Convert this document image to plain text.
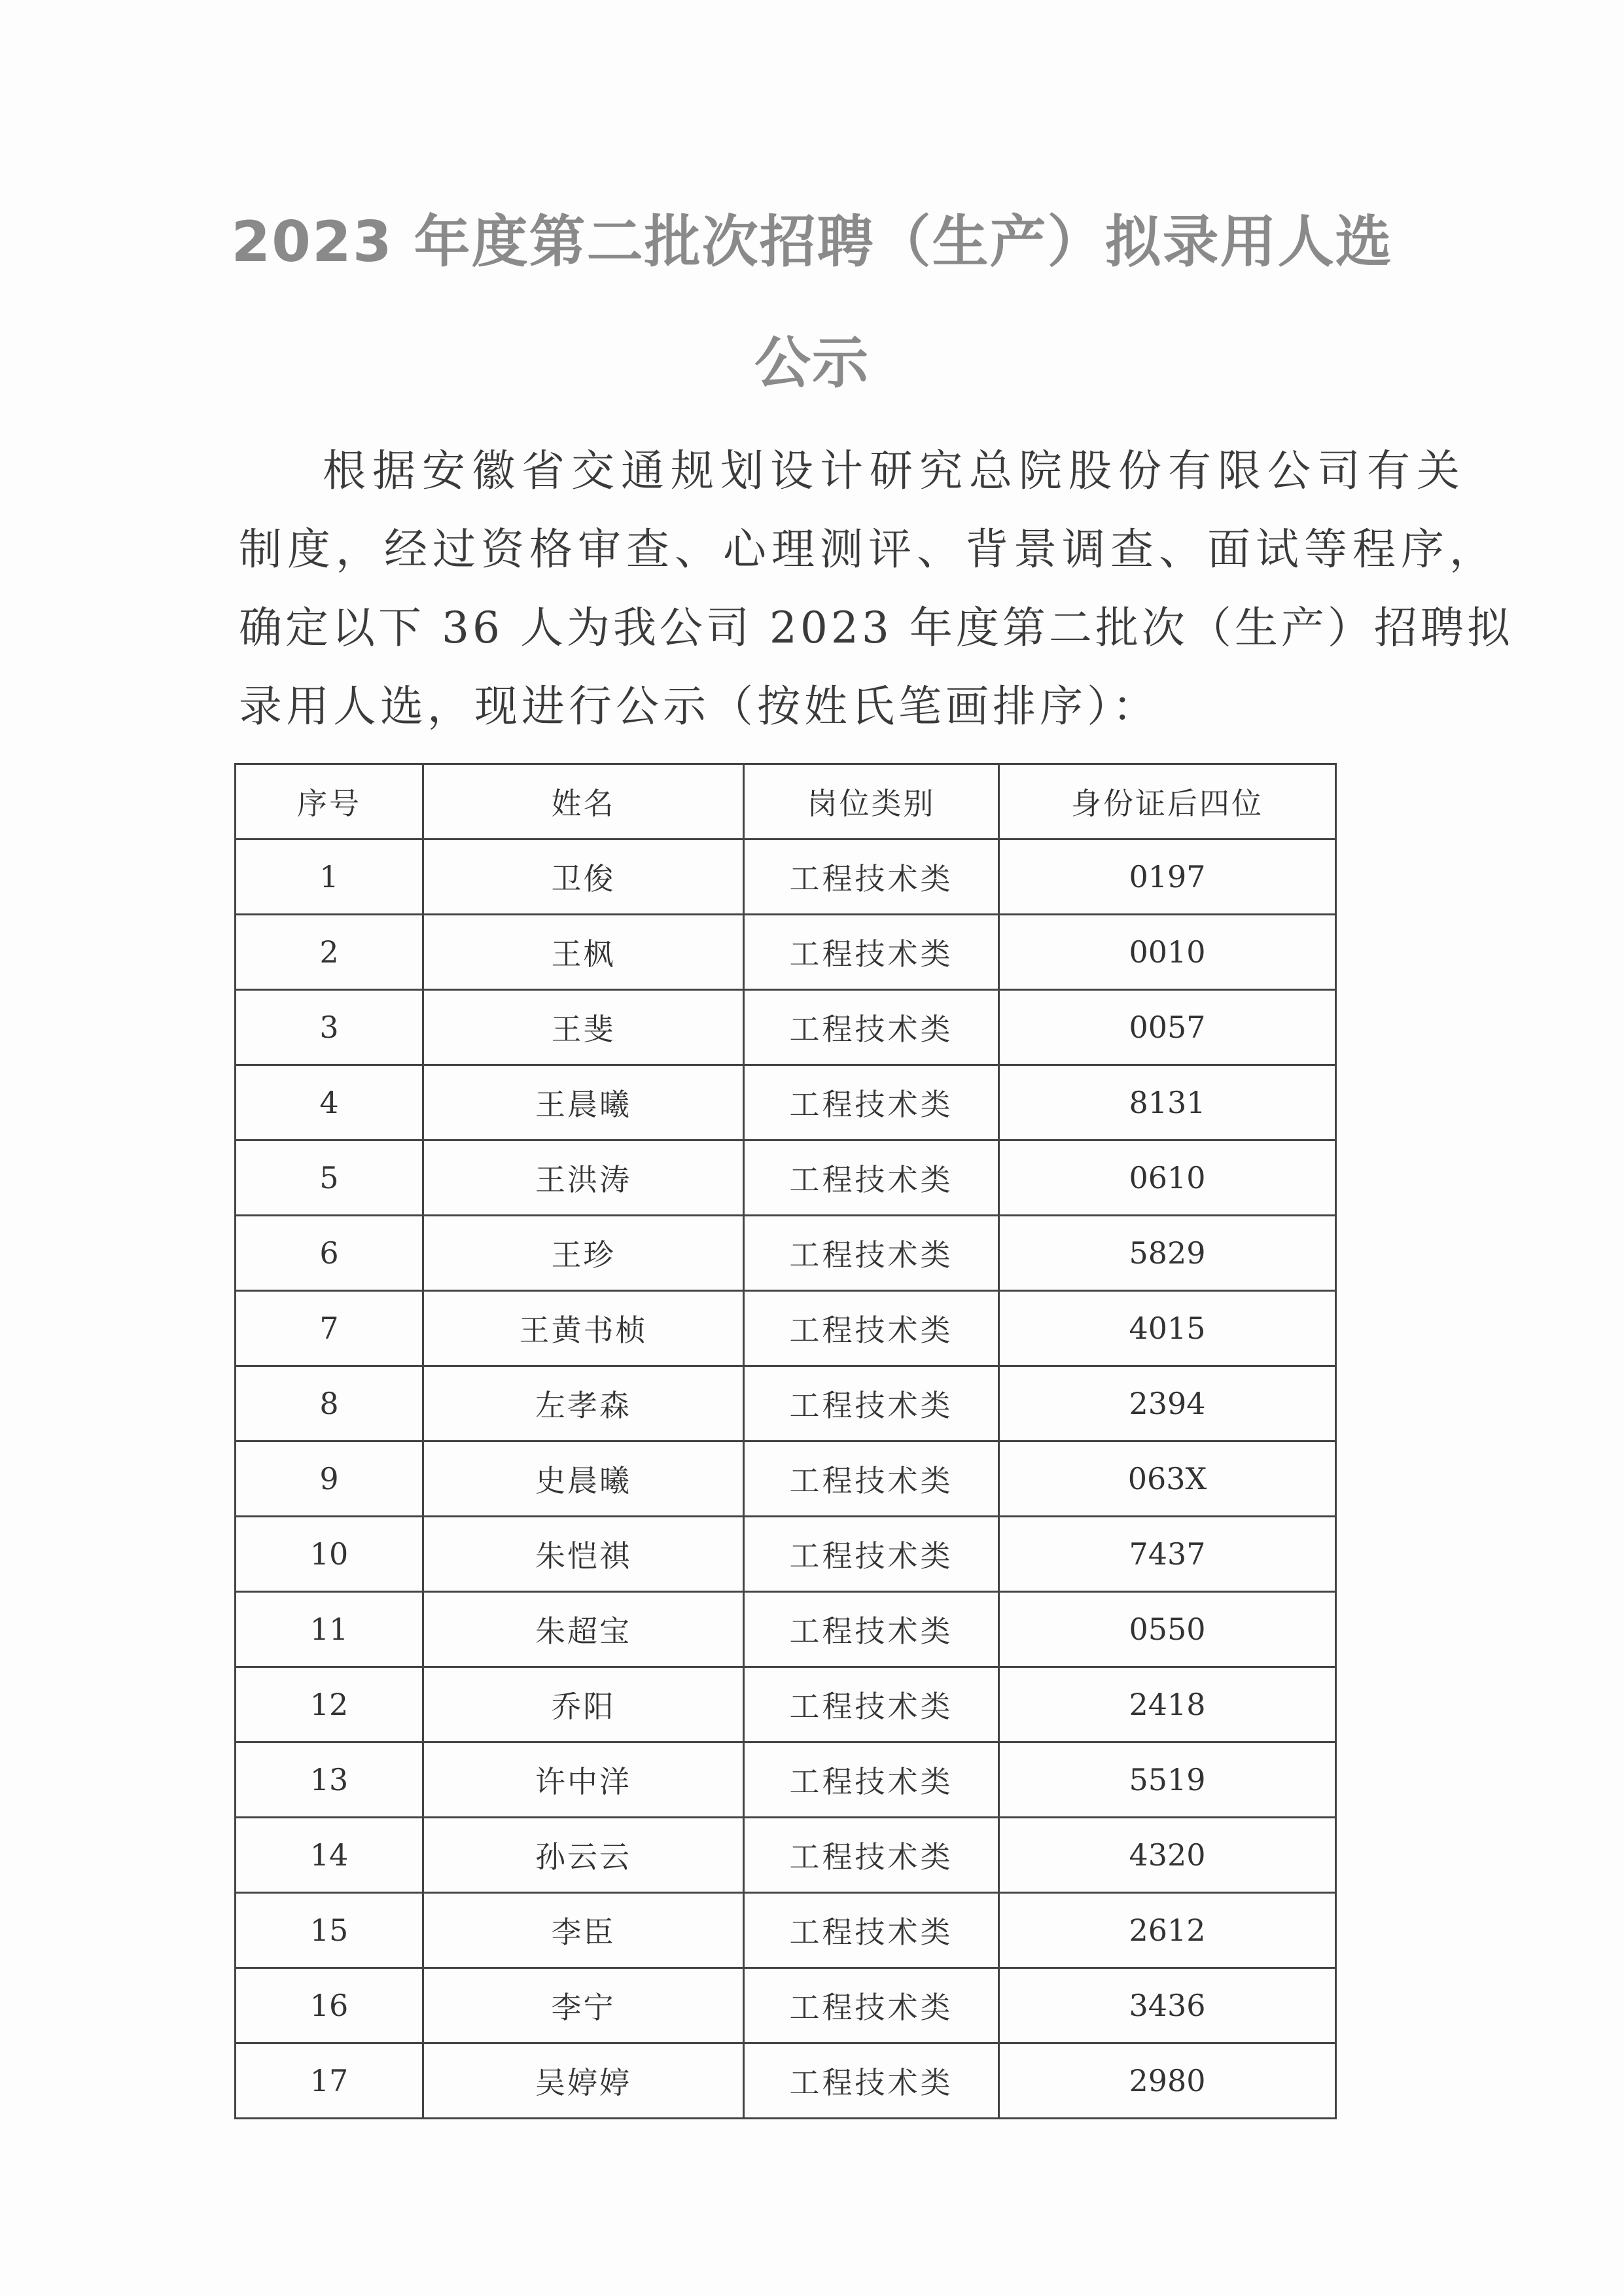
2023 年度第二批次招聘（生产）拟录用人选
公示

根据安徽省交通规划设计研究总院股份有限公司有关

制度，经过资格审查、心理测评、背景调查、面试等程序，

确定以下 36 人为我公司 2023 年度第二批次（生产）招聘拟

录用人选，现进行公示（按姓氏笔画排序）：

序号	姓名	岗位类别	身份证后四位
1	卫俊	工程技术类	0197
2	王枫	工程技术类	0010
3	王斐	工程技术类	0057
4	王晨曦	工程技术类	8131
5	王洪涛	工程技术类	0610
6	王珍	工程技术类	5829
7	王黄书桢	工程技术类	4015
8	左孝森	工程技术类	2394
9	史晨曦	工程技术类	063X
10	朱恺祺	工程技术类	7437
11	朱超宝	工程技术类	0550
12	乔阳	工程技术类	2418
13	许中洋	工程技术类	5519
14	孙云云	工程技术类	4320
15	李臣	工程技术类	2612
16	李宁	工程技术类	3436
17	吴婷婷	工程技术类	2980
